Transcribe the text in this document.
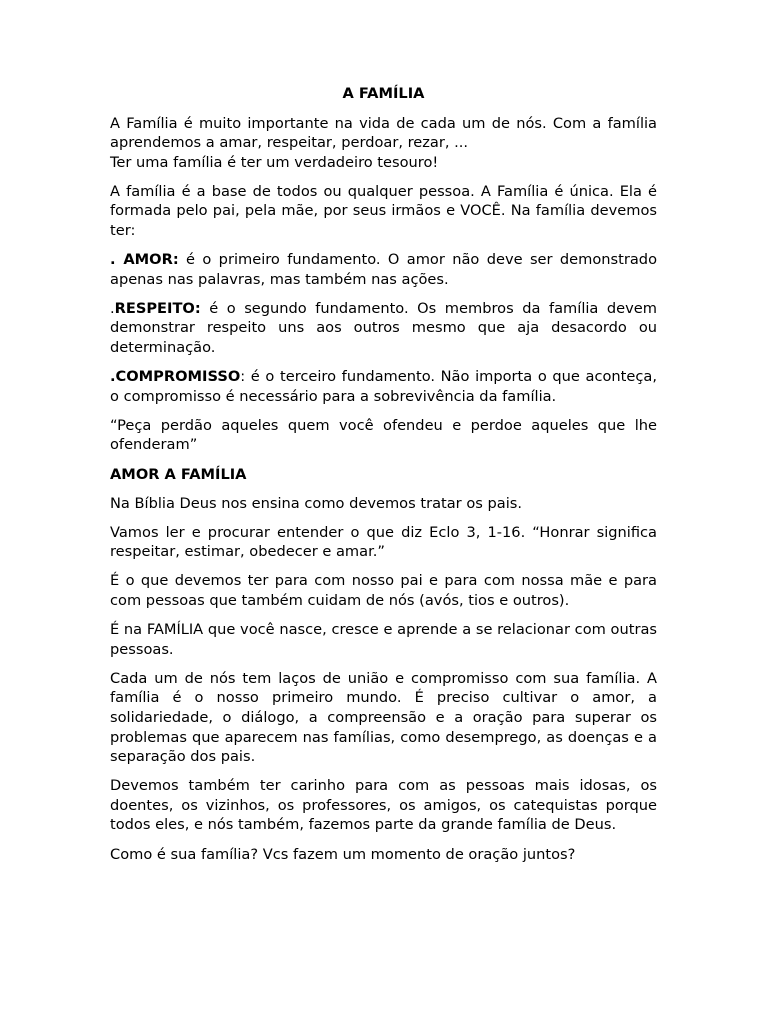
A FAMÍLIA

A Família é muito importante na vida de cada um de nós. Com a família aprendemos a amar, respeitar, perdoar, rezar, ...
Ter uma família é ter um verdadeiro tesouro!

A família é a base de todos ou qualquer pessoa. A Família é única. Ela é formada pelo pai, pela mãe, por seus irmãos e VOCÊ. Na família devemos ter:

. AMOR: é o primeiro fundamento. O amor não deve ser demonstrado apenas nas palavras, mas também nas ações.

.RESPEITO: é o segundo fundamento. Os membros da família devem demonstrar respeito uns aos outros mesmo que aja desacordo ou determinação.

.COMPROMISSO: é o terceiro fundamento. Não importa o que aconteça, o compromisso é necessário para a sobrevivência da família.

“Peça perdão aqueles quem você ofendeu e perdoe aqueles que lhe ofenderam”

AMOR A FAMÍLIA

Na Bíblia Deus nos ensina como devemos tratar os pais.

Vamos ler e procurar entender o que diz Eclo 3, 1-16. “Honrar significa respeitar, estimar, obedecer e amar.”

É o que devemos ter para com nosso pai e para com nossa mãe e para com pessoas que também cuidam de nós (avós, tios e outros).

É na FAMÍLIA que você nasce, cresce e aprende a se relacionar com outras pessoas.

Cada um de nós tem laços de união e compromisso com sua família. A família é o nosso primeiro mundo. É preciso cultivar o amor, a solidariedade, o diálogo, a compreensão e a oração para superar os problemas que aparecem nas famílias, como desemprego, as doenças e a separação dos pais.

Devemos também ter carinho para com as pessoas mais idosas, os doentes, os vizinhos, os professores, os amigos, os catequistas porque todos eles, e nós também, fazemos parte da grande família de Deus.

Como é sua família? Vcs fazem um momento de oração juntos?
